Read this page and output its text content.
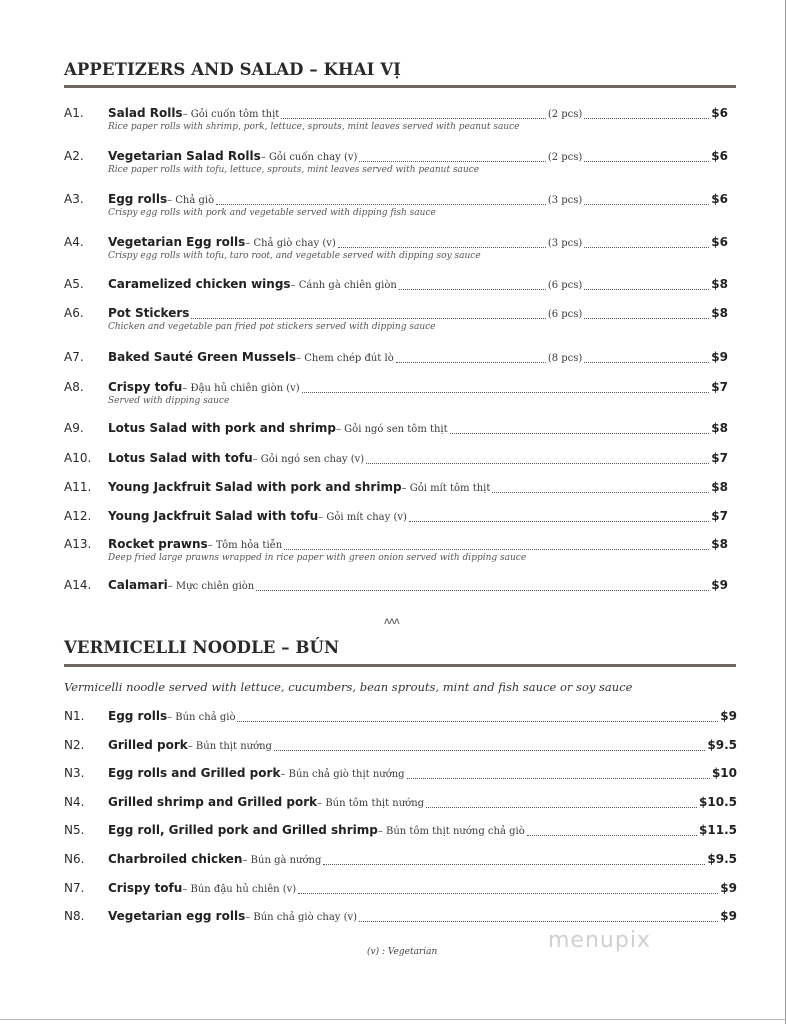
APPETIZERS AND SALAD – KHAI VỊ
A1.	Salad Rolls – Gỏi cuốn tôm thịt	(2 pcs)	$6
Rice paper rolls with shrimp, pork, lettuce, sprouts, mint leaves served with peanut sauce
A2.	Vegetarian Salad Rolls – Gỏi cuốn chay (v)	(2 pcs)	$6
Rice paper rolls with tofu, lettuce, sprouts, mint leaves served with peanut sauce
A3.	Egg rolls – Chả giò	(3 pcs)	$6
Crispy egg rolls with pork and vegetable served with dipping fish sauce
A4.	Vegetarian Egg rolls – Chả giò chay (v)	(3 pcs)	$6
Crispy egg rolls with tofu, taro root, and vegetable served with dipping soy sauce
A5.	Caramelized chicken wings – Cánh gà chiên giòn	(6 pcs)	$8
A6.	Pot Stickers	(6 pcs)	$8
Chicken and vegetable pan fried pot stickers served with dipping sauce
A7.	Baked Sauté Green Mussels – Chem chép đút lò	(8 pcs)	$9
A8.	Crispy tofu – Đậu hủ chiên giòn (v)	$7
Served with dipping sauce
A9.	Lotus Salad with pork and shrimp – Gỏi ngó sen tôm thịt	$8
A10.	Lotus Salad with tofu – Gỏi ngó sen chay (v)	$7
A11.	Young Jackfruit Salad with pork and shrimp – Gỏi mít tôm thịt	$8
A12.	Young Jackfruit Salad with tofu – Gỏi mít chay (v)	$7
A13.	Rocket prawns – Tôm hỏa tiễn	$8
Deep fried large prawns wrapped in rice paper with green onion served with dipping sauce
A14.	Calamari – Mực chiên giòn	$9
ʌʌʌ
VERMICELLI NOODLE – BÚN
Vermicelli noodle served with lettuce, cucumbers, bean sprouts, mint and fish sauce or soy sauce
N1.	Egg rolls – Bún chả giò	$9
N2.	Grilled pork – Bún thịt nướng	$9.5
N3.	Egg rolls and Grilled pork – Bún chả giò thịt nướng	$10
N4.	Grilled shrimp and Grilled pork – Bún tôm thịt nướng	$10.5
N5.	Egg roll, Grilled pork and Grilled shrimp – Bún tôm thịt nướng chả giò	$11.5
N6.	Charbroiled chicken – Bún gà nướng	$9.5
N7.	Crispy tofu – Bún đậu hủ chiên (v)	$9
N8.	Vegetarian egg rolls – Bún chả giò chay (v)	$9
(v) : Vegetarian	menupix
